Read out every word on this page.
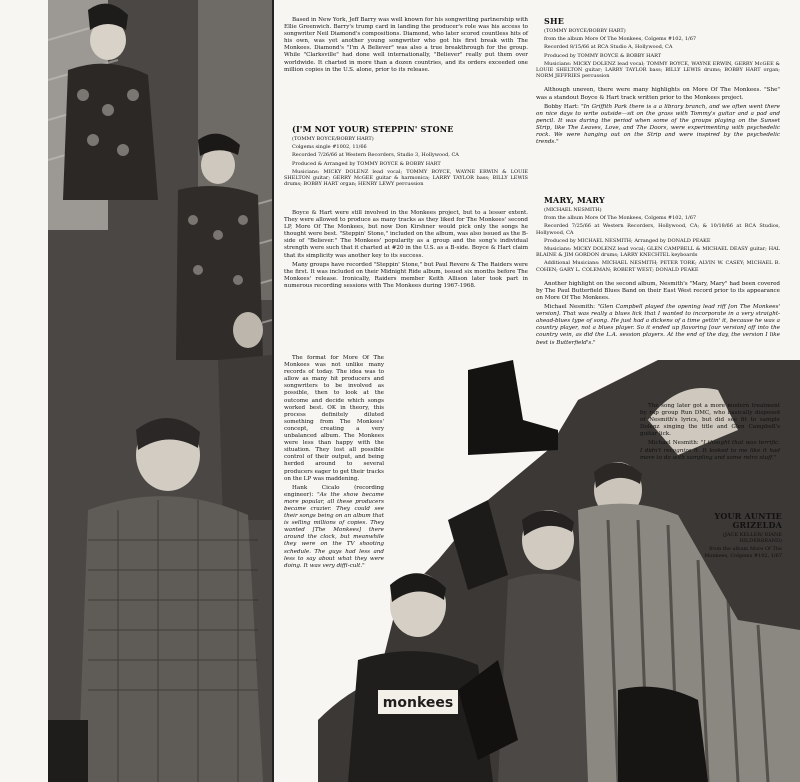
monkees

Based in New York, Jeff Barry was well known for his songwriting partnership with Ellie Greenwich. Barry's trump card in landing the producer's role was his access to songwriter Neil Diamond's compositions. Diamond, who later scored countless hits of his own, was yet another young songwriter who got his first break with The Monkees. Diamond's "I'm A Believer" was also a true breakthrough for the group. While "Clarksville" had done well internationally, "Believer" really put them over worldwide. It charted in more than a dozen countries, and its orders exceeded one million copies in the U.S. alone, prior to its release.

(I'M NOT YOUR) STEPPIN' STONE

(TOMMY BOYCE/BOBBY HART)

Colgems single #1002, 11/66

Recorded 7/26/66 at Western Recorders, Studio 3, Hollywood, CA

Produced & Arranged by TOMMY BOYCE & BOBBY HART

Musicians: MICKY DOLENZ lead vocal; TOMMY BOYCE, WAYNE ERWIN & LOUIE SHELTON guitar; GERRY McGEE guitar & harmonica; LARRY TAYLOR bass; BILLY LEWIS drums; BOBBY HART organ; HENRY LEWY percussion

Boyce & Hart were still involved in the Monkees project, but to a lesser extent. They were allowed to produce as many tracks as they liked for The Monkees' second LP, More Of The Monkees, but now Don Kirshner would pick only the songs he thought were best. "Steppin' Stone," included on the album, was also issued as the B-side of "Believer." The Monkees' popularity as a group and the song's individual strength were such that it charted at #20 in the U.S. as a B-side. Boyce & Hart claim that its simplicity was another key to its success.

Many groups have recorded "Steppin' Stone," but Paul Revere & The Raiders were the first. It was included on their Midnight Ride album, issued six months before The Monkees' release. Ironically, Raiders member Keith Allison later took part in numerous recording sessions with The Monkees during 1967-1968.

The format for More Of The Monkees was not unlike many records of today. The idea was to allow as many hit producers and songwriters to be involved as possible, then to look at the outcome and decide which songs worked best. OK in theory, this process definitely diluted something from The Monkees' concept, creating a very unbalanced album. The Monkees were less than happy with the situation. They lost all possible control of their output, and being herded around to several producers eager to get their tracks on the LP was maddening.

Hank Cicalo (recording engineer): "As the show became more popular, all these producers became crazier. They could see their songs being on an album that is selling millions of copies. They wanted [The Monkees] there around the clock, but meanwhile they were on the TV shooting schedule. The guys had less and less to say about what they were doing. It was very diffi-cult."

SHE

(TOMMY BOYCE/BOBBY HART)

from the album More Of The Monkees, Colgems #102, 1/67

Recorded 8/15/66 at RCA Studio A, Hollywood, CA

Produced by TOMMY BOYCE & BOBBY HART

Musicians: MICKY DOLENZ lead vocal; TOMMY BOYCE, WAYNE ERWIN, GERRY McGEE & LOUIE SHELTON guitar; LARRY TAYLOR bass; BILLY LEWIS drums; BOBBY HART organ; NORM JEFFRIES percussion

Although uneven, there were many highlights on More Of The Monkees. "She" was a standout Boyce & Hart track written prior to the Monkees project.

Bobby Hart: "In Griffith Park there is a a library branch, and we often went there on nice days to write outside—sit on the grass with Tommy's guitar and a pad and pencil. It was during the period when some of the groups playing on the Sunset Strip, like The Leaves, Love, and The Doors, were experimenting with psychedelic rock. We were hanging out on the Strip and were inspired by the psychedelic trends."

MARY, MARY

(MICHAEL NESMITH)

from the album More Of The Monkees, Colgems #102, 1/67

Recorded 7/25/66 at Western Recorders, Hollywood, CA; & 10/18/66 at RCA Studios, Hollywood, CA

Produced by MICHAEL NESMITH; Arranged by DONALD PEAKE

Musicians: MICKY DOLENZ lead vocal; GLEN CAMPBELL & MICHAEL DEASY guitar; HAL BLAINE & JIM GORDON drums; LARRY KNECHTEL keyboards

Additional Musicians: MICHAEL NESMITH; PETER TORK; ALVIN W. CASEY; MICHAEL B. COHEN; GARY L. COLEMAN; ROBERT WEST; DONALD PEAKE

Another highlight on the second album, Nesmith's "Mary, Mary" had been covered by The Paul Butterfield Blues Band on their East West record prior to its appearance on More Of The Monkees.

Michael Nesmith: "Glen Campbell played the opening lead riff [on The Monkees' version]. That was really a blues lick that I wanted to incorporate in a very straight-ahead-blues type of song. He just had a dickens of a time gettin' it, because he was a country player, not a blues player. So it ended up flavoring [our version] off into the country vein, as did the L.A. session players. At the end of the day, the version I like best is Butterfield's."

The song later got a more modern treatment by rap group Run DMC, who basically disposed of Nesmith's lyrics, but did see fit to sample Dolenz singing the title and Glen Campbell's guitar lick.

Michael Nesmith: "I thought that was terrific. I didn't recognize it. It looked to me like it had more to do with sampling and some retro stuff."

YOUR AUNTIE GRIZELDA

(JACK KELLER/ DIANE HILDERBRAND)

from the album More Of The Monkees, Colgems #102, 1/67
